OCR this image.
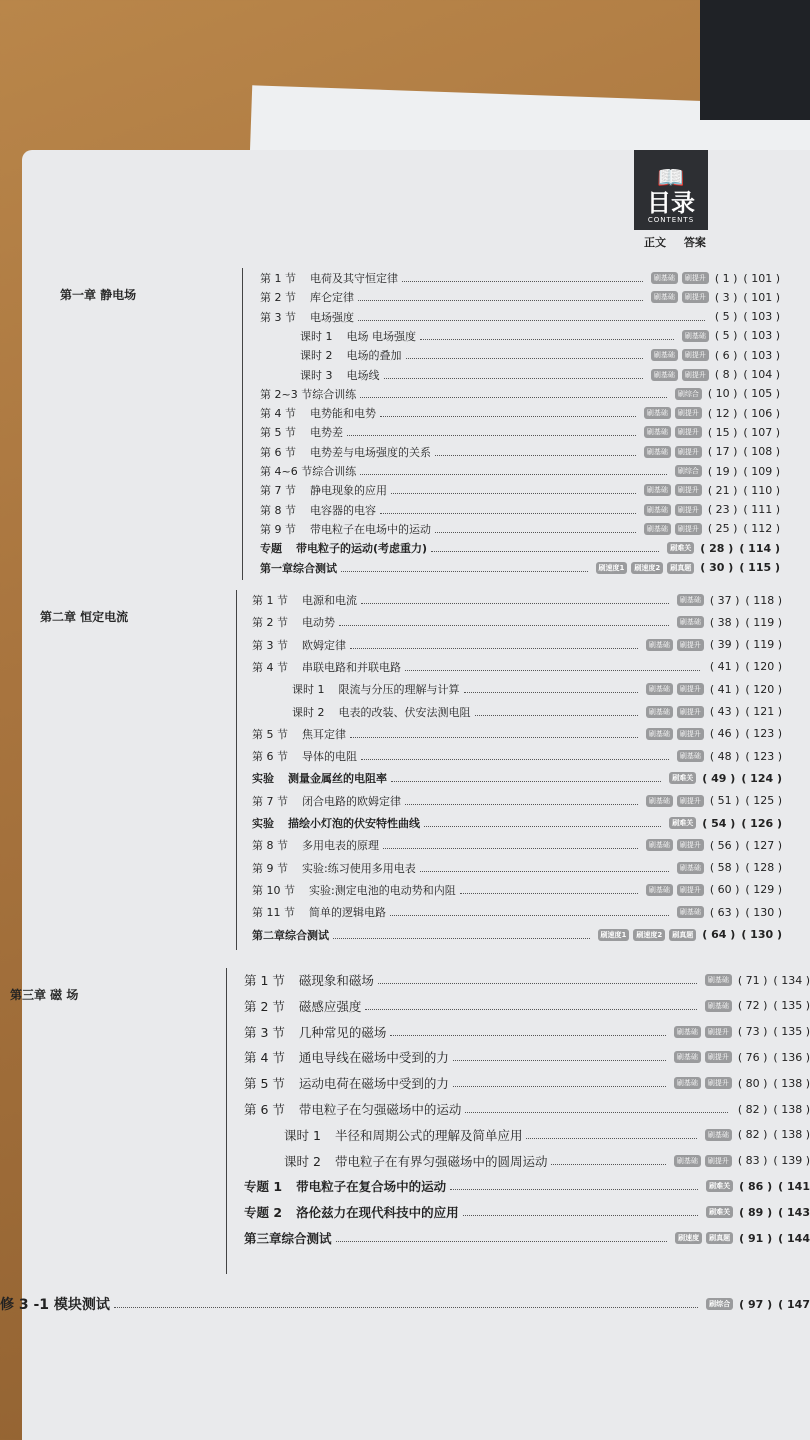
📖
目录
CONTENTS
正文 答案
第一章 静电场
第 1 节 电荷及其守恒定律	刷基础	刷提升 ( 1 ) ( 101 )
第 2 节 库仑定律	刷基础	刷提升 ( 3 ) ( 101 )
第 3 节 电场强度	( 5 ) ( 103 )
课时 1 电场 电场强度	刷基础 ( 5 ) ( 103 )
课时 2 电场的叠加	刷基础	刷提升 ( 6 ) ( 103 )
课时 3 电场线	刷基础	刷提升 ( 8 ) ( 104 )
第 2~3 节综合训练	刷综合 ( 10 ) ( 105 )
第 4 节 电势能和电势	刷基础	刷提升 ( 12 ) ( 106 )
第 5 节 电势差	刷基础	刷提升 ( 15 ) ( 107 )
第 6 节 电势差与电场强度的关系	刷基础	刷提升 ( 17 ) ( 108 )
第 4~6 节综合训练	刷综合 ( 19 ) ( 109 )
第 7 节 静电现象的应用	刷基础	刷提升 ( 21 ) ( 110 )
第 8 节 电容器的电容	刷基础	刷提升 ( 23 ) ( 111 )
第 9 节 带电粒子在电场中的运动	刷基础	刷提升 ( 25 ) ( 112 )
专题 带电粒子的运动(考虑重力)	刷难关 ( 28 ) ( 114 )
第一章综合测试	刷速度1	刷速度2	刷真题 ( 30 ) ( 115 )
第二章 恒定电流
第 1 节 电源和电流	刷基础 ( 37 ) ( 118 )
第 2 节 电动势	刷基础 ( 38 ) ( 119 )
第 3 节 欧姆定律	刷基础	刷提升 ( 39 ) ( 119 )
第 4 节 串联电路和并联电路	( 41 ) ( 120 )
课时 1 限流与分压的理解与计算	刷基础	刷提升 ( 41 ) ( 120 )
课时 2 电表的改装、伏安法测电阻	刷基础	刷提升 ( 43 ) ( 121 )
第 5 节 焦耳定律	刷基础	刷提升 ( 46 ) ( 123 )
第 6 节 导体的电阻	刷基础 ( 48 ) ( 123 )
实验 测量金属丝的电阻率	刷难关 ( 49 ) ( 124 )
第 7 节 闭合电路的欧姆定律	刷基础	刷提升 ( 51 ) ( 125 )
实验 描绘小灯泡的伏安特性曲线	刷难关 ( 54 ) ( 126 )
第 8 节 多用电表的原理	刷基础	刷提升 ( 56 ) ( 127 )
第 9 节 实验:练习使用多用电表	刷基础 ( 58 ) ( 128 )
第 10 节 实验:测定电池的电动势和内阻	刷基础	刷提升 ( 60 ) ( 129 )
第 11 节 简单的逻辑电路	刷基础 ( 63 ) ( 130 )
第二章综合测试	刷速度1	刷速度2	刷真题 ( 64 ) ( 130 )
第三章 磁 场
第 1 节 磁现象和磁场	刷基础 ( 71 ) ( 134 )
第 2 节 磁感应强度	刷基础 ( 72 ) ( 135 )
第 3 节 几种常见的磁场	刷基础	刷提升 ( 73 ) ( 135 )
第 4 节 通电导线在磁场中受到的力	刷基础	刷提升 ( 76 ) ( 136 )
第 5 节 运动电荷在磁场中受到的力	刷基础	刷提升 ( 80 ) ( 138 )
第 6 节 带电粒子在匀强磁场中的运动	( 82 ) ( 138 )
课时 1 半径和周期公式的理解及简单应用	刷基础 ( 82 ) ( 138 )
课时 2 带电粒子在有界匀强磁场中的圆周运动	刷基础	刷提升 ( 83 ) ( 139 )
专题 1 带电粒子在复合场中的运动	刷难关 ( 86 ) ( 141
专题 2 洛伦兹力在现代科技中的应用	刷难关 ( 89 ) ( 143
第三章综合测试	刷速度	刷真题 ( 91 ) ( 144
修 3 -1 模块测试	刷综合 ( 97 ) ( 147
